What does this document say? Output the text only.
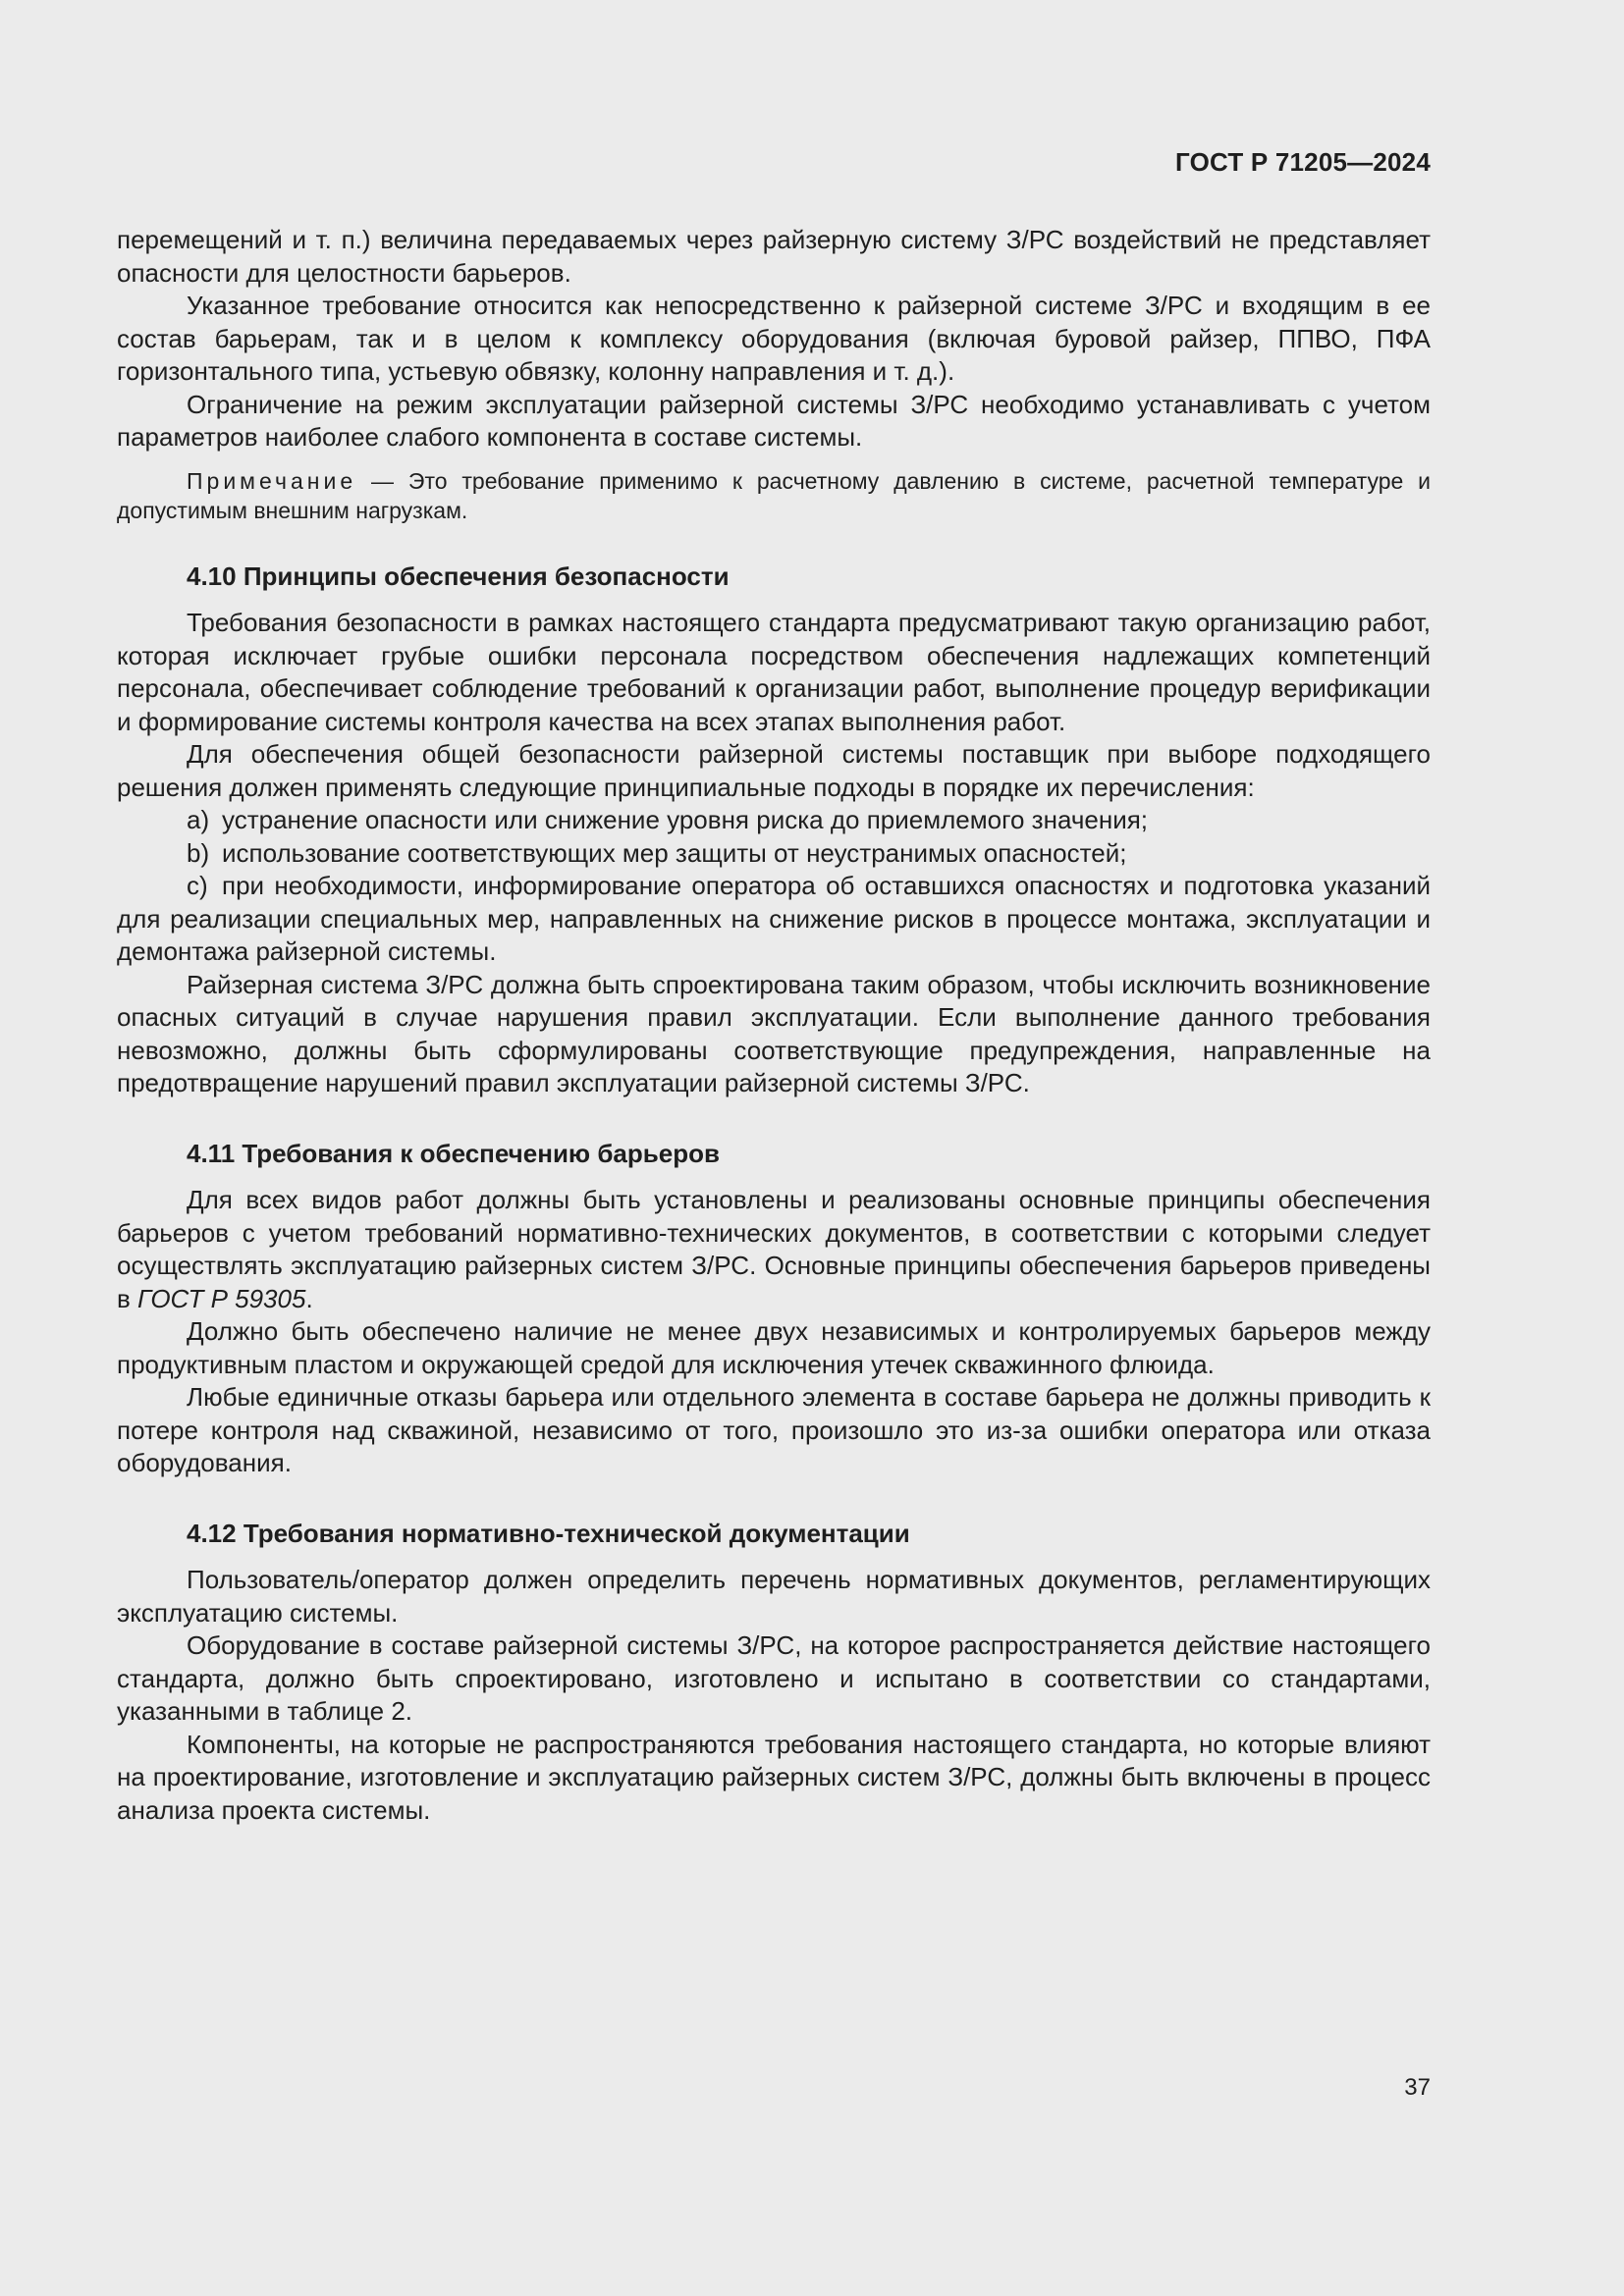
ГОСТ Р 71205—2024

перемещений и т. п.) величина передаваемых через райзерную систему З/РС воздействий не представляет опасности для целостности барьеров.

Указанное требование относится как непосредственно к райзерной системе З/РС и входящим в ее состав барьерам, так и в целом к комплексу оборудования (включая буровой райзер, ППВО, ПФА горизонтального типа, устьевую обвязку, колонну направления и т. д.).

Ограничение на режим эксплуатации райзерной системы З/РС необходимо устанавливать с учетом параметров наиболее слабого компонента в составе системы.

Примечание — Это требование применимо к расчетному давлению в системе, расчетной температуре и допустимым внешним нагрузкам.

4.10 Принципы обеспечения безопасности

Требования безопасности в рамках настоящего стандарта предусматривают такую организацию работ, которая исключает грубые ошибки персонала посредством обеспечения надлежащих компетенций персонала, обеспечивает соблюдение требований к организации работ, выполнение процедур верификации и формирование системы контроля качества на всех этапах выполнения работ.

Для обеспечения общей безопасности райзерной системы поставщик при выборе подходящего решения должен применять следующие принципиальные подходы в порядке их перечисления:

a) устранение опасности или снижение уровня риска до приемлемого значения;

b) использование соответствующих мер защиты от неустранимых опасностей;

c) при необходимости, информирование оператора об оставшихся опасностях и подготовка указаний для реализации специальных мер, направленных на снижение рисков в процессе монтажа, эксплуатации и демонтажа райзерной системы.

Райзерная система З/РС должна быть спроектирована таким образом, чтобы исключить возникновение опасных ситуаций в случае нарушения правил эксплуатации. Если выполнение данного требования невозможно, должны быть сформулированы соответствующие предупреждения, направленные на предотвращение нарушений правил эксплуатации райзерной системы З/РС.

4.11 Требования к обеспечению барьеров

Для всех видов работ должны быть установлены и реализованы основные принципы обеспечения барьеров с учетом требований нормативно-технических документов, в соответствии с которыми следует осуществлять эксплуатацию райзерных систем З/РС. Основные принципы обеспечения барьеров приведены в ГОСТ Р 59305.

Должно быть обеспечено наличие не менее двух независимых и контролируемых барьеров между продуктивным пластом и окружающей средой для исключения утечек скважинного флюида.

Любые единичные отказы барьера или отдельного элемента в составе барьера не должны приводить к потере контроля над скважиной, независимо от того, произошло это из-за ошибки оператора или отказа оборудования.

4.12 Требования нормативно-технической документации

Пользователь/оператор должен определить перечень нормативных документов, регламентирующих эксплуатацию системы.

Оборудование в составе райзерной системы З/РС, на которое распространяется действие настоящего стандарта, должно быть спроектировано, изготовлено и испытано в соответствии со стандартами, указанными в таблице 2.

Компоненты, на которые не распространяются требования настоящего стандарта, но которые влияют на проектирование, изготовление и эксплуатацию райзерных систем З/РС, должны быть включены в процесс анализа проекта системы.

37
